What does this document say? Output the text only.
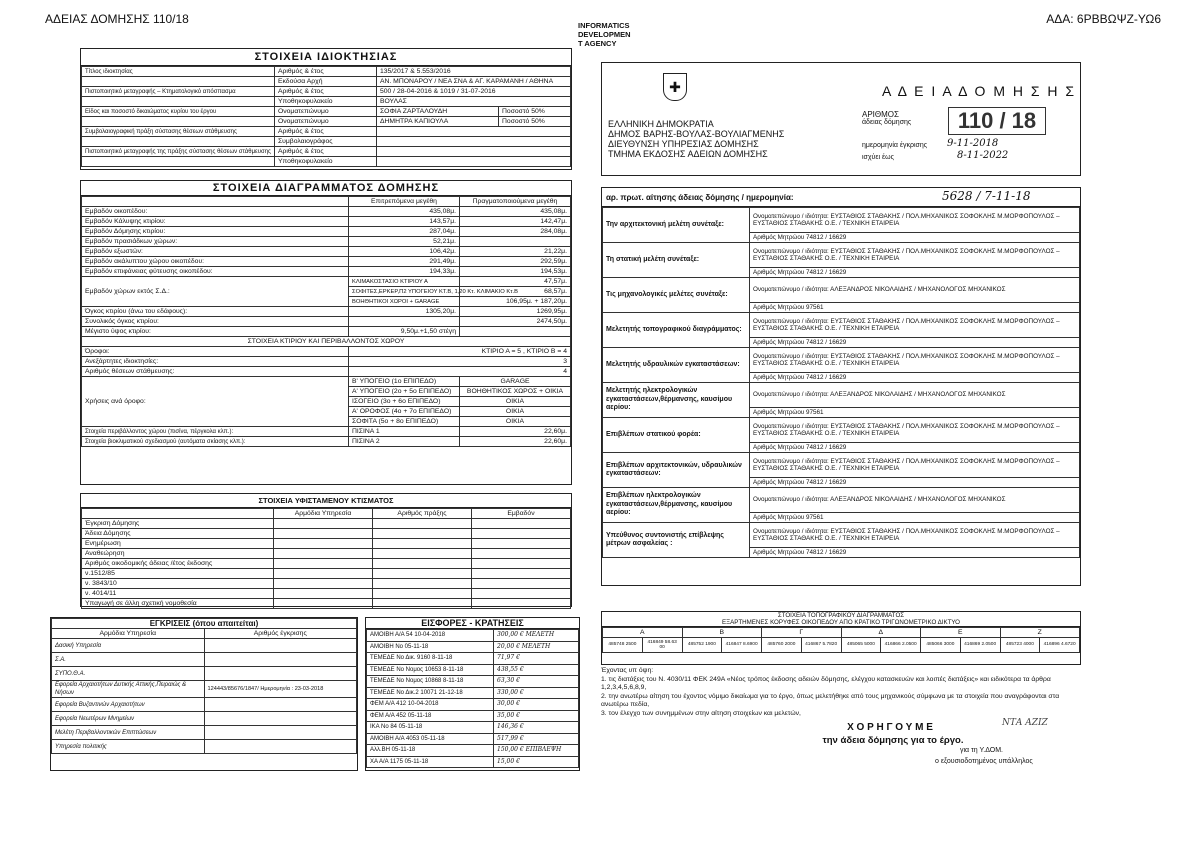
ΑΔΕΙΑΣ ΔΟΜΗΣΗΣ 110/18	ΑΔΑ: 6ΡΒΒΩΨΖ-ΥΩ6
INFORMATICS
DEVELOPMEN
T AGENCY
ΣΤΟΙΧΕΙΑ ΙΔΙΟΚΤΗΣΙΑΣ
Τίτλος ιδιοκτησίας	Αριθμός & έτος	135/2017 & 5.553/2016	
	Εκδούσα Αρχή	ΑΝ. ΜΠΟΝΑΡΟΥ / ΝΕΑ ΣΝΑ & ΑΓ. ΚΑΡΑΜΑΝΗ / ΑΘΗΝΑ	
Πιστοποιητικό μεταγραφής – Κτηματολογικό απόσπασμα	Αριθμός & έτος	500 / 28-04-2016 & 1019 / 31-07-2016	
	Υποθηκοφυλακείο	ΒΟΥΛΑΣ	
Είδος και ποσοστό δικαιώματος κυρίου του έργου	Ονοματεπώνυμο	ΣΟΦΙΑ ΖΑΡΤΑΛΟΥΔΗ	Ποσοστό 50%
	Ονοματεπώνυμο	ΔΗΜΗΤΡΑ ΚΑΠΙΟΥΛΑ	Ποσοστό 50%
Συμβολαιογραφική πράξη σύστασης θέσεων στάθμευσης	Αριθμός & έτος		
	Συμβολαιογράφος		
Πιστοποιητικό μεταγραφής της πράξης σύστασης θέσεων στάθμευσης	Αριθμός & έτος		
	Υποθηκοφυλακείο		
ΣΤΟΙΧΕΙΑ ΔΙΑΓΡΑΜΜΑΤΟΣ ΔΟΜΗΣΗΣ
	Επιτρεπόμενα μεγέθη	Πραγματοποιούμενα μεγέθη
Εμβαδόν οικοπέδου:	435,08μ.	435,08μ.
Εμβαδόν Κάλυψης κτιρίου:	143,57μ.	142,47μ.
Εμβαδόν Δόμησης κτιρίου:	287,04μ.	284,08μ.
Εμβαδόν πρασιάδκων χώρων:	52,21μ.	
Εμβαδόν εξωστών:	106,42μ.	21,22μ.
Εμβαδόν ακάλυπτου χώρου οικοπέδου:	291,49μ.	292,59μ.
Εμβαδόν επιφάνειας φύτευσης οικοπέδου:	194,33μ.	194,53μ.
Εμβαδόν χώρων εκτός Σ.Δ.:	ΚΛΙΜΑΚΟΣΤΑΣΙΟ ΚΤΙΡΙΟΥ Α	47,57μ.
	ΣΟΦΙΤΕΣ,ΕΡΚΕΡ,Π2 ΥΠΟΓΕΙΟΥ ΚΤ.Β, 1,20 Κτ. ΚΛΙΜΑΚΙΟ Κτ.Β	68,57μ.
	ΒΟΗΘΗΤΙΚΟΙ ΧΩΡΟΙ + GARAGE	106,95μ. + 187,20μ.
Όγκος κτιρίου (άνω του εδάφους):	1305,20μ.	1269,95μ.
Συνολικός όγκος κτιρίου:		2474,50μ.
Μέγιστο ύψος κτιρίου:	9,50μ.+1,50 στέγη	
ΣΤΟΙΧΕΙΑ ΚΤΙΡΙΟΥ ΚΑΙ ΠΕΡΙΒΑΛΛΟΝΤΟΣ ΧΩΡΟΥ		
Όροφοι:	ΚΤΙΡΙΟ Α = 5 , ΚΤΙΡΙΟ Β = 4	
Ανεξάρτητες ιδιοκτησίες:	3	
Αριθμός θέσεων στάθμευσης:	4	
Χρήσεις ανά όροφο:	Β' ΥΠΟΓΕΙΟ (1ο ΕΠΙΠΕΔΟ)	GARAGE
	Α' ΥΠΟΓΕΙΟ (2ο + 5ο ΕΠΙΠΕΔΟ)	ΒΟΗΘΗΤΙΚΟΣ ΧΩΡΟΣ + ΟΙΚΙΑ
	ΙΣΟΓΕΙΟ (3ο + 6ο ΕΠΙΠΕΔΟ)	ΟΙΚΙΑ
	Α' ΟΡΟΦΟΣ (4ο + 7ο ΕΠΙΠΕΔΟ)	ΟΙΚΙΑ
	ΣΟΦΙΤΑ (5ο + 8ο ΕΠΙΠΕΔΟ)	ΟΙΚΙΑ
Στοιχεία περιβάλλοντος χώρου (πισίνα, πέργκολα κλπ.):	ΠΙΣΙΝΑ 1	22,60μ.
Στοιχεία βιοκλιματικού σχεδιασμού (αυτόματα σκίασης κλπ.):	ΠΙΣΙΝΑ 2	22,60μ.
ΣΤΟΙΧΕΙΑ ΥΦΙΣΤΑΜΕΝΟΥ ΚΤΙΣΜΑΤΟΣ
	Αρμόδια Υπηρεσία	Αριθμός πράξης	Εμβαδόν
Έγκριση Δόμησης			
Άδεια Δόμησης			
Ενημέρωση			
Αναθεώρηση			
Αριθμός οικοδομικής άδειας /έτος έκδοσης			
ν.1512/85			
ν. 3843/10			
ν. 4014/11			
Υπαγωγή σε άλλη σχετική νομοθεσία			
ΕΓΚΡΙΣΕΙΣ (όπου απαιτείται)	
Αρμόδια Υπηρεσία	Αριθμός έγκρισης
Δασική Υπηρεσία	
Σ.Α.	
ΣΥΠΟ.Θ.Α.	
Εφορεία Αρχαιοτήτων Δυτικής Αττικής,Πειραιώς & Νήσων	124443/85676/1847/ Ημερομηνία : 23-03-2018
Εφορεία Βυζαντινών Αρχαιοτήτων	
Εφορεία Νεωτέρων Μνημείων	
Μελέτη Περιβαλλοντικών Επιπτώσεων	
Υπηρεσία πολιτικής	
ΕΙΣΦΟΡΕΣ - ΚΡΑΤΗΣΕΙΣ
ΑΜΟΙΒΗ Α/Α 54 10-04-2018	300,00 € ΜΕΛΕΤΗ
ΑΜΟΙΒΗ Νο 05-11-18	20,00 € ΜΕΛΕΤΗ
ΤΕΜΕΔΕ Νο Δικ. 9160 8-11-18	71,97 €
ΤΕΜΕΔΕ Νο Νομος 10653 8-11-18	438,55 €
ΤΕΜΕΔΕ Νο Νομος 10868 8-11-18	63,30 €
ΤΕΜΕΔΕ Νο Δικ.2 10071 21-12-18	330,00 €
ΦΕΜ Α/Α 412 10-04-2018	30,00 €
ΦΕΜ Α/Α 452 05-11-18	35,00 €
ΙΚΑ Νο 84 05-11-18	146,36 €
ΑΜΟΙΒΗ Α/Α 4053 05-11-18	517,99 €
Αλλ.ΒΗ 05-11-18	150,00 € ΕΠΙΒΛΕΨΗ
ΧΑ Α/Α 1175 05-11-18	15,00 €
✚
ΕΛΛΗΝΙΚΗ ΔΗΜΟΚΡΑΤΙΑ
ΔΗΜΟΣ ΒΑΡΗΣ-ΒΟΥΛΑΣ-ΒΟΥΛΙΑΓΜΕΝΗΣ
ΔΙΕΥΘΥΝΣΗ ΥΠΗΡΕΣΙΑΣ ΔΟΜΗΣΗΣ
ΤΜΗΜΑ ΕΚΔΟΣΗΣ ΑΔΕΙΩΝ ΔΟΜΗΣΗΣ
Α Δ Ε Ι Α Δ Ο Μ Η Σ Η Σ
ΑΡΙΘΜΟΣ
άδειας δόμησης	110 / 18
ημερομηνία έγκρισης 9-11-2018
ισχύει έως	8-11-2022
αρ. πρωτ. αίτησης άδειας δόμησης / ημερομηνία:	5628 / 7-11-18
Την αρχιτεκτονική μελέτη συνέταξε:	Ονοματεπώνυμο / ιδιότητα: ΕΥΣΤΑΘΙΟΣ ΣΤΑΘΑΚΗΣ / ΠΟΛ.ΜΗΧΑΝΙΚΟΣ ΣΟΦΟΚΛΗΣ Μ.ΜΟΡΦΟΠΟΥΛΟΣ – ΕΥΣΤΑΘΙΟΣ ΣΤΑΘΑΚΗΣ Ο.Ε. / ΤΕΧΝΙΚΗ ΕΤΑΙΡΕΙΑ
	Αριθμός Μητρώου 74812 / 16629
Τη στατική μελέτη συνέταξε:	Ονοματεπώνυμο / ιδιότητα: ΕΥΣΤΑΘΙΟΣ ΣΤΑΘΑΚΗΣ / ΠΟΛ.ΜΗΧΑΝΙΚΟΣ ΣΟΦΟΚΛΗΣ Μ.ΜΟΡΦΟΠΟΥΛΟΣ – ΕΥΣΤΑΘΙΟΣ ΣΤΑΘΑΚΗΣ Ο.Ε. / ΤΕΧΝΙΚΗ ΕΤΑΙΡΕΙΑ
	Αριθμός Μητρώου 74812 / 16629
Τις μηχανολογικές μελέτες συνέταξε:	Ονοματεπώνυμο / ιδιότητα: ΑΛΕΞΑΝΔΡΟΣ ΝΙΚΟΛΑΙΔΗΣ / ΜΗΧΑΝΟΛΟΓΟΣ ΜΗΧΑΝΙΚΟΣ
	Αριθμός Μητρώου 97561
Μελετητής τοπογραφικού διαγράμματος:	Ονοματεπώνυμο / ιδιότητα: ΕΥΣΤΑΘΙΟΣ ΣΤΑΘΑΚΗΣ / ΠΟΛ.ΜΗΧΑΝΙΚΟΣ ΣΟΦΟΚΛΗΣ Μ.ΜΟΡΦΟΠΟΥΛΟΣ – ΕΥΣΤΑΘΙΟΣ ΣΤΑΘΑΚΗΣ Ο.Ε. / ΤΕΧΝΙΚΗ ΕΤΑΙΡΕΙΑ
	Αριθμός Μητρώου 74812 / 16629
Μελετητής υδραυλικών εγκαταστάσεων:	Ονοματεπώνυμο / ιδιότητα: ΕΥΣΤΑΘΙΟΣ ΣΤΑΘΑΚΗΣ / ΠΟΛ.ΜΗΧΑΝΙΚΟΣ ΣΟΦΟΚΛΗΣ Μ.ΜΟΡΦΟΠΟΥΛΟΣ – ΕΥΣΤΑΘΙΟΣ ΣΤΑΘΑΚΗΣ Ο.Ε. / ΤΕΧΝΙΚΗ ΕΤΑΙΡΕΙΑ
	Αριθμός Μητρώου 74812 / 16629
Μελετητής ηλεκτρολογικών εγκαταστάσεων,θέρμανσης, καυσίμου αερίου:	Ονοματεπώνυμο / ιδιότητα: ΑΛΕΞΑΝΔΡΟΣ ΝΙΚΟΛΑΙΔΗΣ / ΜΗΧΑΝΟΛΟΓΟΣ ΜΗΧΑΝΙΚΟΣ
	Αριθμός Μητρώου 97561
Επιβλέπων στατικού φορέα:	Ονοματεπώνυμο / ιδιότητα: ΕΥΣΤΑΘΙΟΣ ΣΤΑΘΑΚΗΣ / ΠΟΛ.ΜΗΧΑΝΙΚΟΣ ΣΟΦΟΚΛΗΣ Μ.ΜΟΡΦΟΠΟΥΛΟΣ – ΕΥΣΤΑΘΙΟΣ ΣΤΑΘΑΚΗΣ Ο.Ε. / ΤΕΧΝΙΚΗ ΕΤΑΙΡΕΙΑ
	Αριθμός Μητρώου 74812 / 16629
Επιβλέπων αρχιτεκτονικών, υδραυλικών εγκαταστάσεων:	Ονοματεπώνυμο / ιδιότητα: ΕΥΣΤΑΘΙΟΣ ΣΤΑΘΑΚΗΣ / ΠΟΛ.ΜΗΧΑΝΙΚΟΣ ΣΟΦΟΚΛΗΣ Μ.ΜΟΡΦΟΠΟΥΛΟΣ – ΕΥΣΤΑΘΙΟΣ ΣΤΑΘΑΚΗΣ Ο.Ε. / ΤΕΧΝΙΚΗ ΕΤΑΙΡΕΙΑ
	Αριθμός Μητρώου 74812 / 16629
Επιβλέπων ηλεκτρολογικών εγκαταστάσεων,θέρμανσης, καυσίμου αερίου:	Ονοματεπώνυμο / ιδιότητα: ΑΛΕΞΑΝΔΡΟΣ ΝΙΚΟΛΑΙΔΗΣ / ΜΗΧΑΝΟΛΟΓΟΣ ΜΗΧΑΝΙΚΟΣ
	Αριθμός Μητρώου 97561
Υπεύθυνος συντονιστής επίβλεψης μέτρων ασφαλείας :	Ονοματεπώνυμο / ιδιότητα: ΕΥΣΤΑΘΙΟΣ ΣΤΑΘΑΚΗΣ / ΠΟΛ.ΜΗΧΑΝΙΚΟΣ ΣΟΦΟΚΛΗΣ Μ.ΜΟΡΦΟΠΟΥΛΟΣ – ΕΥΣΤΑΘΙΟΣ ΣΤΑΘΑΚΗΣ Ο.Ε. / ΤΕΧΝΙΚΗ ΕΤΑΙΡΕΙΑ
	Αριθμός Μητρώου 74812 / 16629
ΣΤΟΙΧΕΙΑ ΤΟΠΟΓΡΑΦΙΚΟΥ ΔΙΑΓΡΑΜΜΑΤΟΣ
ΕΞΑΡΤΗΜΕΝΕΣ ΚΟΡΥΦΕΣ ΟΙΚΟΠΕΔΟΥ ΑΠΟ ΚΡΑΤΙΚΟ ΤΡΙΓΩΝΟΜΕΤΡΙΚΟ ΔΙΚΤΥΟ
Α		Β		Γ		Δ		Ε		Ζ	
485748 2500	416849 58.63 00	485752 1900	416847 8.6900	485760 2000	416867 5.7820	485065 5000	416866 2.0500	485066 3000	416869 2.0500	485723 4000	416896 4.6720
Έχοντας υπ όψη:
1. τις διατάξεις του Ν. 4030/11 ΦΕΚ 249Α «Νέος τρόπος έκδοσης αδειών δόμησης, ελέγχου κατασκευών και λοιπές διατάξεις» και ειδικότερα τα άρθρα 1,2,3,4,5,6,8,9,
2. την ανωτέρω αίτηση του έχοντος νόμιμο δικαίωμα για το έργο, όπως μελετήθηκε από τους μηχανικούς σύμφωνα με τα στοιχεία που αναγράφονται στα ανωτέρω πεδία,
3. τον έλεγχο των συνημμένων στην αίτηση στοιχείων και μελετών,
Χ Ο Ρ Η Γ Ο Υ Μ Ε
την άδεια δόμησης για το έργο.
ΝΤΑ ΑΖΙΖ
για τη Υ.ΔΟΜ.
ο εξουσιοδοτημένος υπάλληλος
